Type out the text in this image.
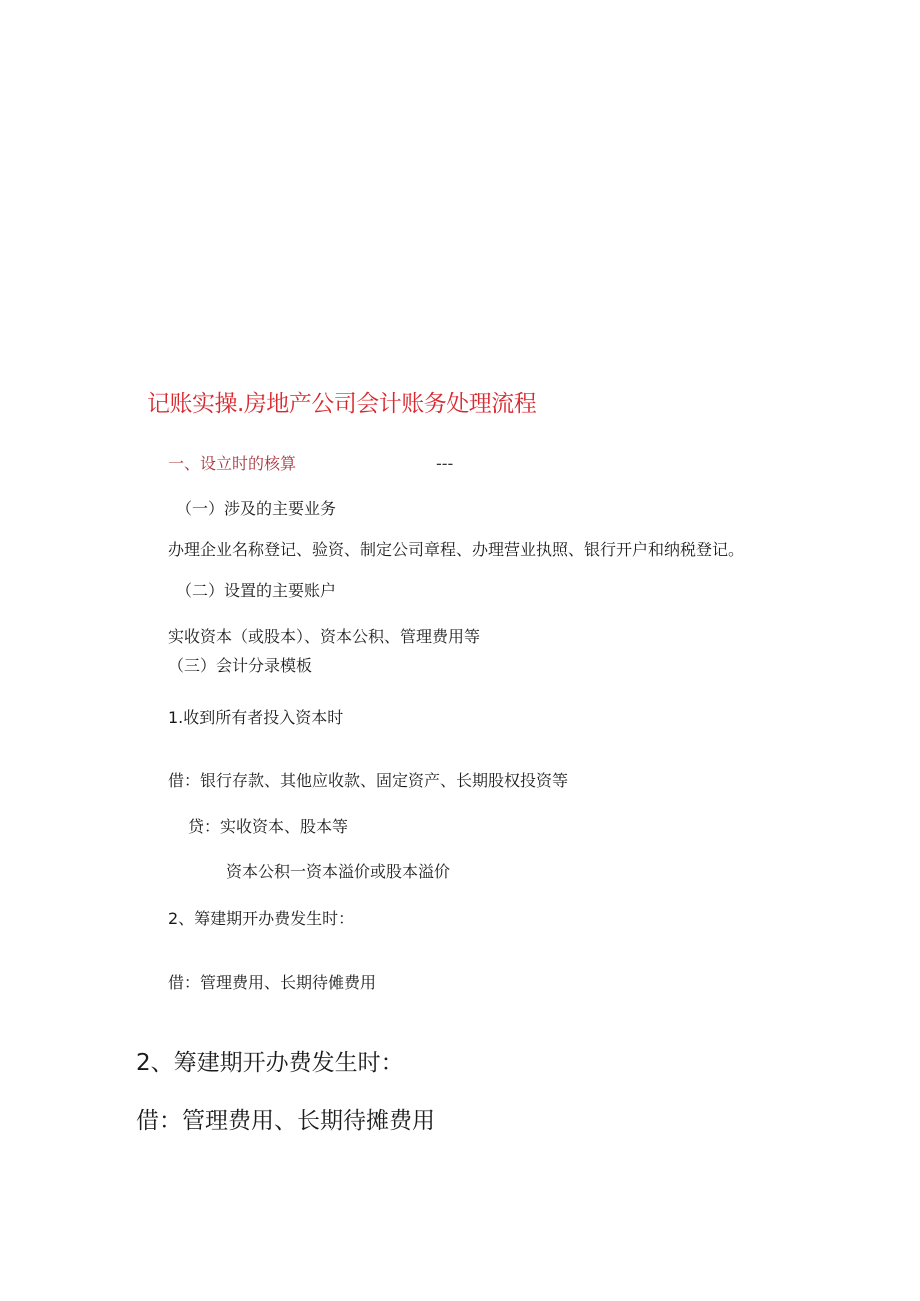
记账实操.房地产公司会计账务处理流程
一、设立时的核算	---
（一）涉及的主要业务
办理企业名称登记、验资、制定公司章程、办理营业执照、银行开户和纳税登记。
（二）设置的主要账户
实收资本（或股本）、资本公积、管理费用等
（三）会计分录模板
1.收到所有者投入资本时
借：银行存款、其他应收款、固定资产、长期股权投资等
贷：实收资本、股本等
资本公积一资本溢价或股本溢价
2、筹建期开办费发生时：
借：管理费用、长期待傩费用
2、筹建期开办费发生时：
借：管理费用、长期待摊费用
